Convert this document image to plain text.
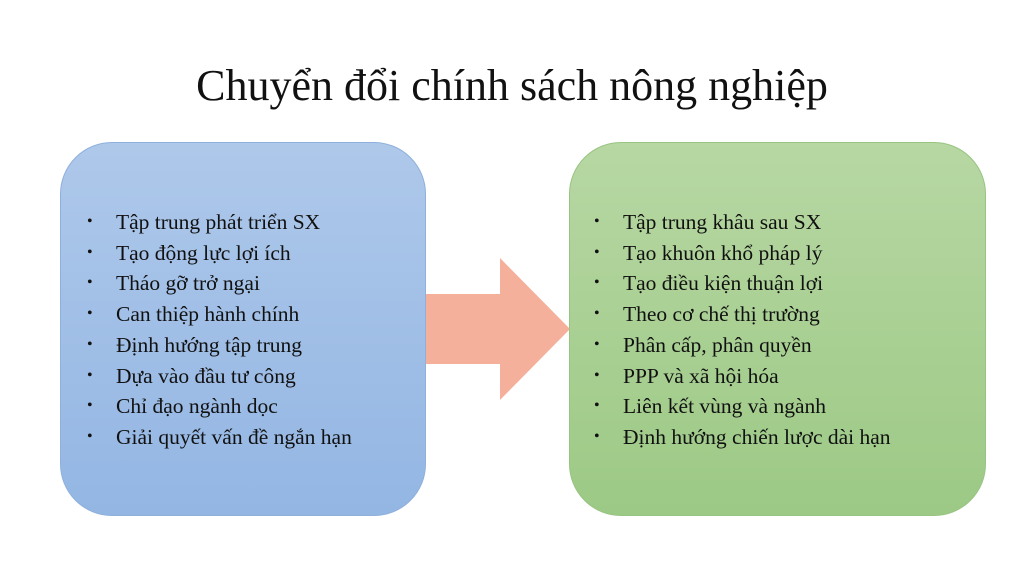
Chuyển đổi chính sách nông nghiệp
• Tập trung phát triển SX
• Tạo động lực lợi ích
• Tháo gỡ trở ngại
• Can thiệp hành chính
• Định hướng tập trung
• Dựa vào đầu tư công
• Chỉ đạo ngành dọc
• Giải quyết vấn đề ngắn hạn
• Tập trung khâu sau SX
• Tạo khuôn khổ pháp lý
• Tạo điều kiện thuận lợi
• Theo cơ chế thị trường
• Phân cấp, phân quyền
• PPP và xã hội hóa
• Liên kết vùng và ngành
• Định hướng chiến lược dài hạn
